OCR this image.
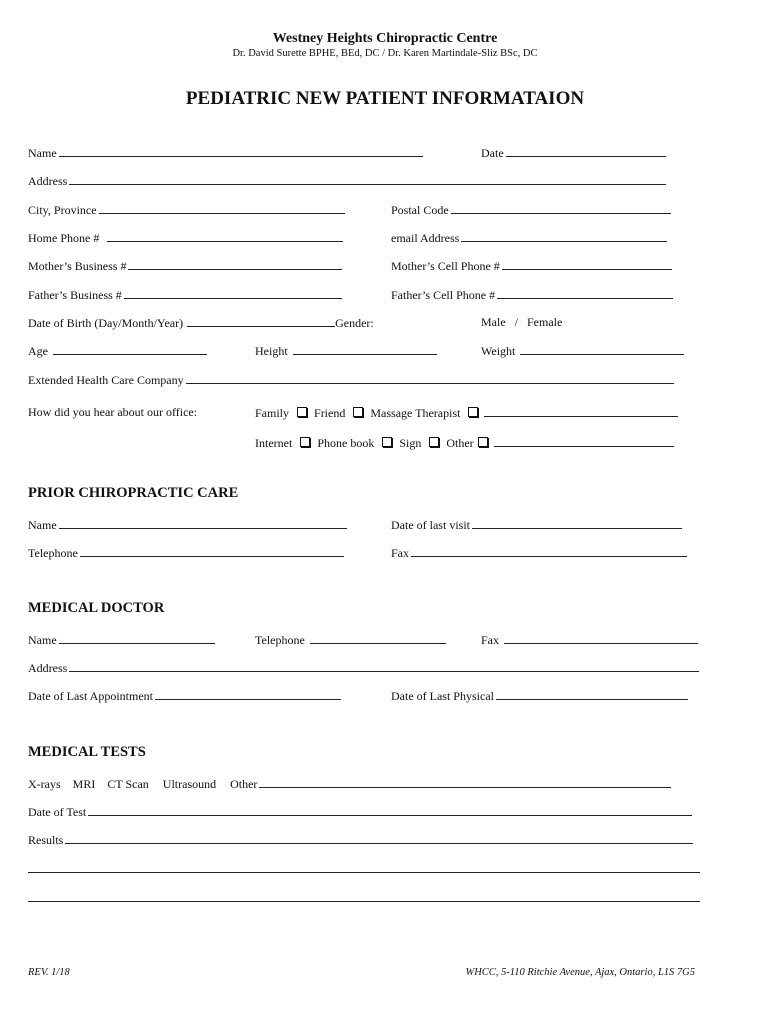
Westney Heights Chiropractic Centre
Dr. David Surette BPHE, BEd, DC / Dr. Karen Martindale-Sliz BSc, DC
PEDIATRIC NEW PATIENT INFORMATAION
Name	Date
Address
City, Province	Postal Code
Home Phone #	email Address
Mother’s Business #	Mother’s Cell Phone #
Father’s Business #	Father’s Cell Phone #
Date of Birth (Day/Month/Year)	Gender:	Male   /   Female
Age	Height	Weight
Extended Health Care Company
How did you hear about our office:	Family Friend Massage Therapist
Internet Phone book Sign Other
PRIOR CHIROPRACTIC CARE
Name	Date of last visit
Telephone	Fax
MEDICAL DOCTOR
Name	Telephone	Fax
Address
Date of Last Appointment	Date of Last Physical
MEDICAL TESTS
X-rays MRI CT Scan Ultrasound Other
Date of Test
Results
REV. 1/18	WHCC, 5-110 Ritchie Avenue, Ajax, Ontario, L1S 7G5
